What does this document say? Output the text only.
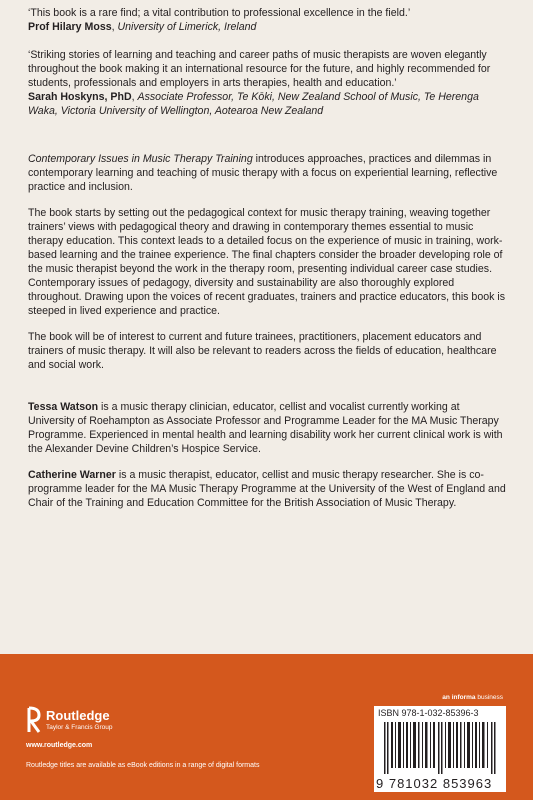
‘This book is a rare find; a vital contribution to professional excellence in the field.’

Prof Hilary Moss, University of Limerick, Ireland

‘Striking stories of learning and teaching and career paths of music therapists are woven elegantly throughout the book making it an international resource for the future, and highly recommended for students, professionals and employers in arts therapies, health and education.’

Sarah Hoskyns, PhD, Associate Professor, Te Kōki, New Zealand School of Music, Te Herenga Waka, Victoria University of Wellington, Aotearoa New Zealand

Contemporary Issues in Music Therapy Training introduces approaches, practices and dilemmas in contemporary learning and teaching of music therapy with a focus on experiential learning, reflective practice and inclusion.

The book starts by setting out the pedagogical context for music therapy training, weaving together trainers’ views with pedagogical theory and drawing in contemporary themes essential to music therapy education. This context leads to a detailed focus on the experience of music in training, work-based learning and the trainee experience. The final chapters consider the broader developing role of the music therapist beyond the work in the therapy room, presenting individual career case studies. Contemporary issues of pedagogy, diversity and sustainability are also thoroughly explored throughout. Drawing upon the voices of recent graduates, trainers and practice educators, this book is steeped in lived experience and practice.

The book will be of interest to current and future trainees, practitioners, placement educators and trainers of music therapy. It will also be relevant to readers across the fields of education, healthcare and social work.

Tessa Watson is a music therapy clinician, educator, cellist and vocalist currently working at University of Roehampton as Associate Professor and Programme Leader for the MA Music Therapy Programme. Experienced in mental health and learning disability work her current clinical work is with the Alexander Devine Children’s Hospice Service.

Catherine Warner is a music therapist, educator, cellist and music therapy researcher. She is co-programme leader for the MA Music Therapy Programme at the University of the West of England and Chair of the Training and Education Committee for the British Association of Music Therapy.

an informa business
Routledge
Taylor & Francis Group
www.routledge.com
Routledge titles are available as eBook editions in a range of digital formats
ISBN 978-1-032-85396-3
9 781032 853963
